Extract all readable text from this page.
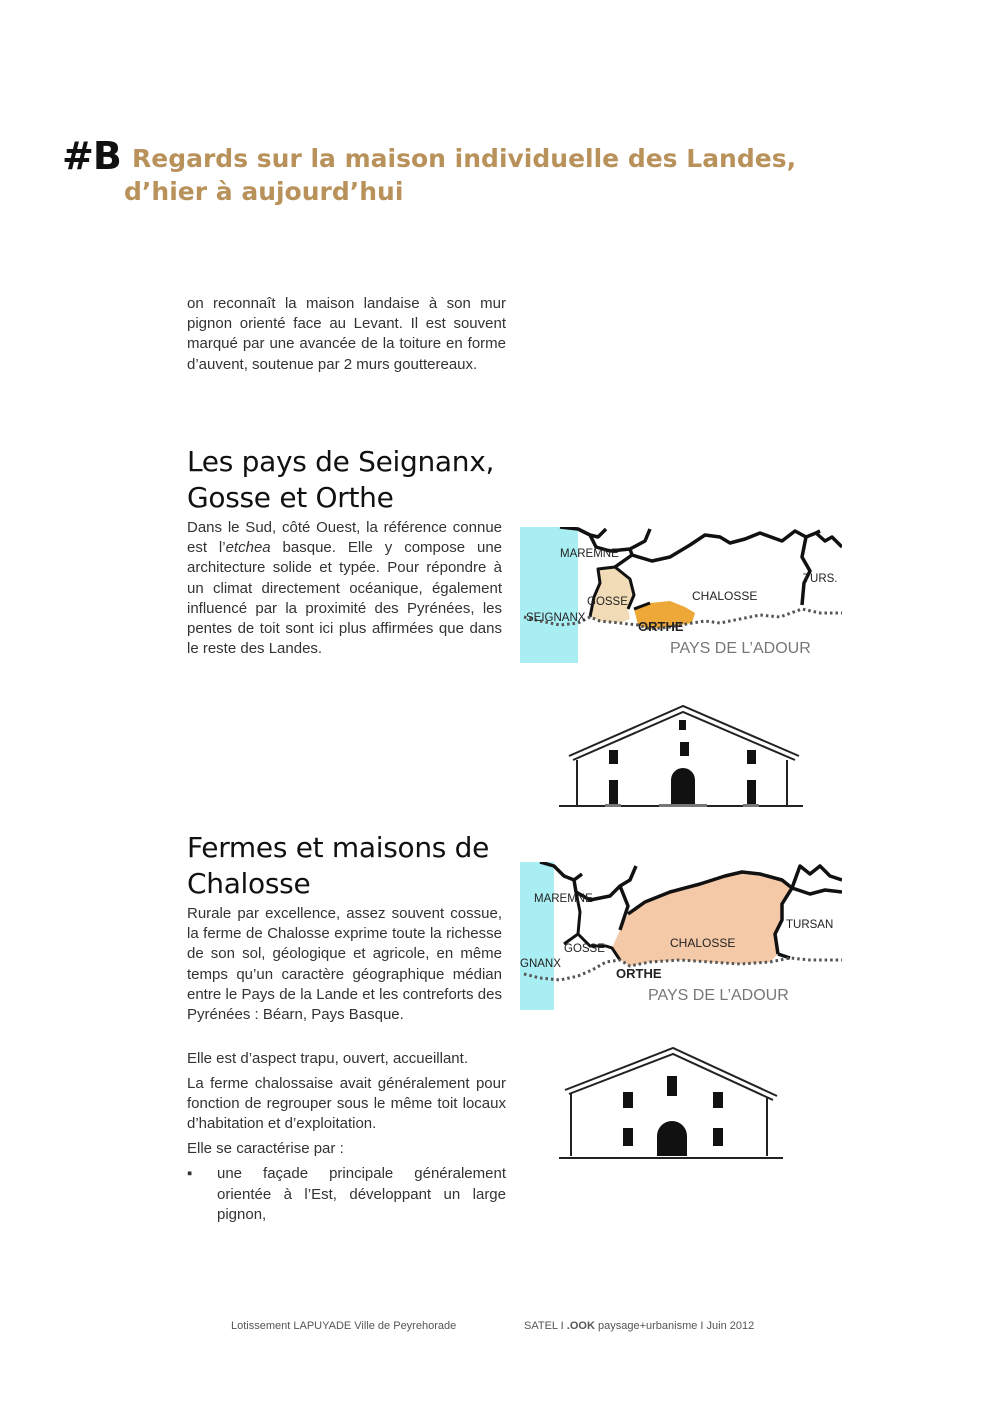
#B Regards sur la maison individuelle des Landes,
d’hier à aujourd’hui

on reconnaît la maison landaise à son mur pignon orienté face au Levant. Il est souvent marqué par une avancée de la toiture en forme d’auvent, soutenue par 2 murs gouttereaux.

Les pays de Seignanx,
Gosse et Orthe

Dans le Sud, côté Ouest, la référence connue est l’etchea basque. Elle y compose une architecture solide et typée. Pour répondre à un climat directement océanique, également influencé par la proximité des Pyrénées, les pentes de toit sont ici plus affirmées que dans le reste des Landes.

MAREMNE
GOSSE
SEIGNANX
ORTHE
CHALOSSE
TURS.
PAYS DE L’ADOUR
Fermes et maisons de
Chalosse

Rurale par excellence, assez souvent cossue, la ferme de Chalosse exprime toute la richesse de son sol, géologique et agricole, en même temps qu’un caractère géographique médian entre le Pays de la Lande et les contreforts des Pyrénées : Béarn, Pays Basque.

Elle est d’aspect trapu, ouvert, accueillant.

La ferme chalossaise avait généralement pour fonction de regrouper sous le même toit locaux d’habitation et d’exploitation.

Elle se caractérise par :

▪ une façade principale généralement orientée à l’Est, développant un large pignon,
MAREMNE
GOSSE
GNANX
ORTHE
CHALOSSE
TURSAN
PAYS DE L’ADOUR
Lotissement LAPUYADE Ville de Peyrehorade	SATEL I .OOK paysage+urbanisme I Juin 2012
